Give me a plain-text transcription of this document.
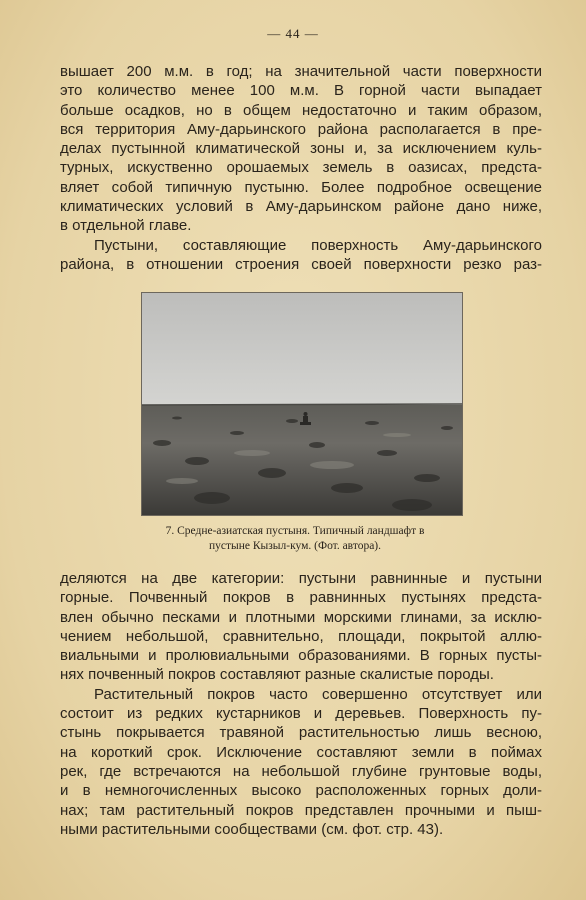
— 44 —
вышает 200 м.м. в год; на значительной части поверхности
это количество менее 100 м.м. В горной части выпадает
больше осадков, но в общем недостаточно и таким образом,
вся территория Аму-дарьинского района располагается в пре-
делах пустынной климатической зоны и, за исключением куль-
турных, искуственно орошаемых земель в оазисах, предста-
вляет собой типичную пустыню. Более подробное освещение
климатических условий в Аму-дарьинском районе дано ниже,
в отдельной главе.
Пустыни, составляющие поверхность Аму-дарьинского
района, в отношении строения своей поверхности резко раз-
7. Средне-азиатская пустыня. Типичный ландшафт в
пустыне Кызыл-кум. (Фот. автора).
деляются на две категории: пустыни равнинные и пустыни
горные. Почвенный покров в равнинных пустынях предста-
влен обычно песками и плотными морскими глинами, за исклю-
чением небольшой, сравнительно, площади, покрытой аллю-
виальными и пролювиальными образованиями. В горных пусты-
нях почвенный покров составляют разные скалистые породы.
Растительный покров часто совершенно отсутствует или
состоит из редких кустарников и деревьев. Поверхность пу-
стынь покрывается травяной растительностью лишь весною,
на короткий срок. Исключение составляют земли в поймах
рек, где встречаются на небольшой глубине грунтовые воды,
и в немногочисленных высоко расположенных горных доли-
нах; там растительный покров представлен прочными и пыш-
ными растительными сообществами (см. фот. стр. 43).
